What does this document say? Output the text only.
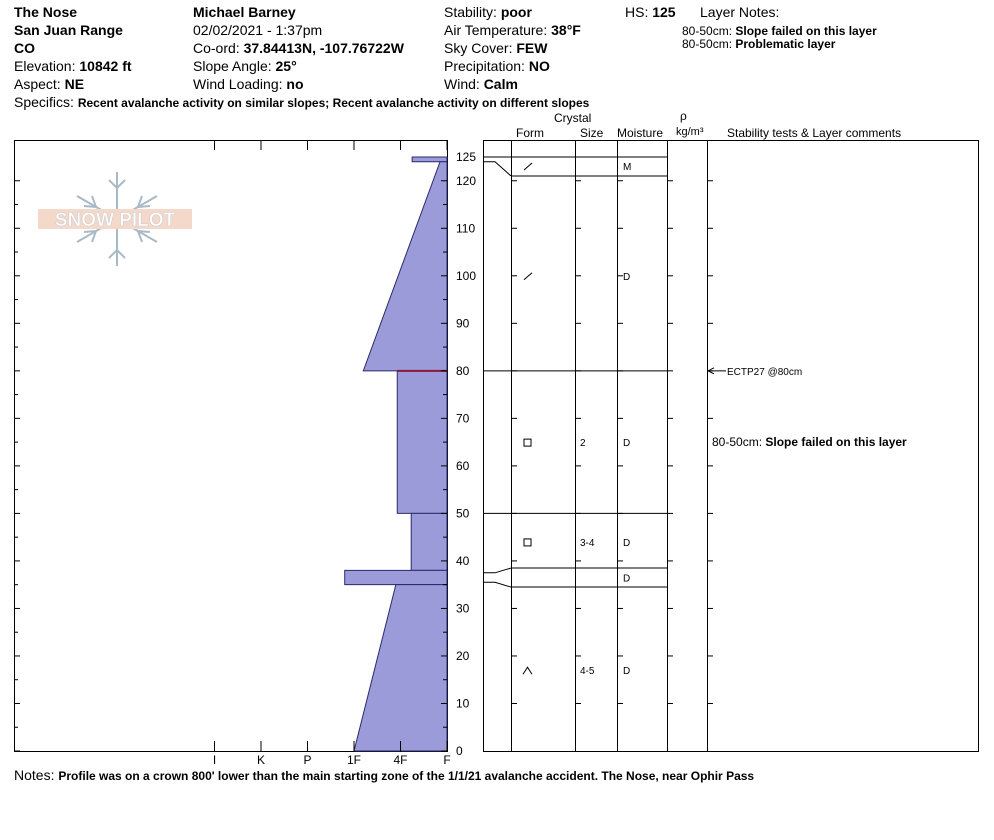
The Nose
San Juan Range
CO
Elevation: 10842 ft
Aspect: NE
Michael Barney
02/02/2021 - 1:37pm
Co-ord: 37.84413N, -107.76722W
Slope Angle: 25°
Wind Loading: no
Stability: poor
Air Temperature: 38°F
Sky Cover: FEW
Precipitation: NO
Wind: Calm
HS: 125 Layer Notes:
80-50cm: Slope failed on this layer
80-50cm: Problematic layer
Specifics: Recent avalanche activity on similar slopes; Recent avalanche activity on different slopes
Crystal
Form	Size Moisture
ρ
kg/m³ Stability tests & Layer comments
Notes: Profile was on a crown 800' lower than the main starting zone of the 1/1/21 avalanche accident. The Nose, near Ophir Pass
SNOW PILOT
I	K	P	1F	4F	F
125
120
110
100
90
80
70
60
50
40
30
20
10
0
M
D
2	D
3-4	D
D
4-5	D
ECTP27 @80cm
80-50cm: Slope failed on this layer
